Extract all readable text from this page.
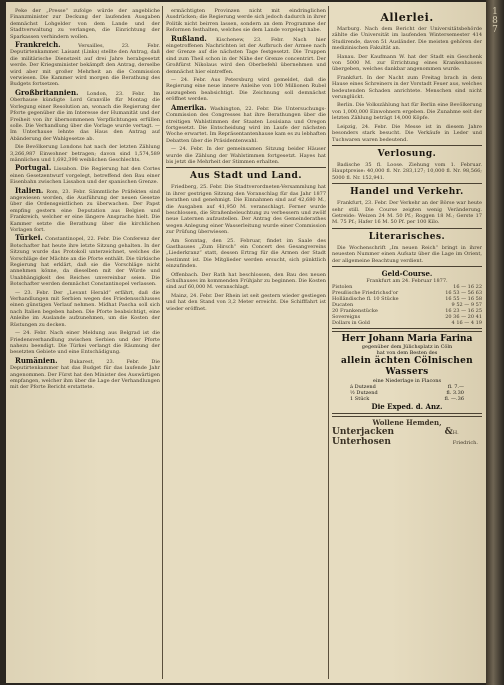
Peke der „Presse“ zufolge würde der angebliche Finanzminister zur Deckung der laufenden Ausgaben demnächst Lohgelder von dem Lande und der Stadtverwaltung zu verlangen, die Einrichtung der Sparkassen verhindern wollen.

Frankreich.	Versailles, 23. Febr. Deputirtenkammer. Laisant (Links) stellte den Antrag, daß die militärische Dienstzeit auf drei Jahre herabgesetzt werde. Der Kriegsminister bekämpft den Antrag, derselbe wird aber mit großer Mehrheit an die Commission verwiesen. Die Kammer wird morgen die Berathung des Budgets fortsetzen.

Großbritannien. London, 23. Febr. Im Oberhause kündigte Lord Granville für Montag die Vorlegung einer Resolution an, wonach die Regierung der Pforte gegenüber die im Interesse der Humanität und der Freiheit von ihr übernommenen Verpflichtungen erfüllen solle. Die Verhandlung über die Vorlage wurde vertagt. — Im Unterhause lehnte das Haus den Antrag auf Abänderung der Wahlgesetze ab.

Die Bevölkerung Londons hat nach der letzten Zählung 3,266,987 Einwohner betragen; davon sind 1,574,589 männlichen und 1,692,398 weiblichen Geschlechts.

Portugal. Lissabon. Die Regierung hat den Cortes einen Gesetzentwurf vorgelegt, betreffend den Bau einer Eisenbahn zwischen Lissabon und der spanischen Grenze.

Italien. Rom, 23. Febr. Sämmtliche Präfekten sind angewiesen worden, die Ausführung der neuen Gesetze über die Ordensgeistlichen zu überwachen. Der Papst empfing gestern eine Deputation aus Belgien und Frankreich, welcher er eine längere Ansprache hielt. Die Kammer setzte die Berathung über die kirchlichen Vorlagen fort.

Türkei. Constantinopel, 22. Febr. Die Conferenz der Botschafter hat heute ihre letzte Sitzung gehalten. In der Sitzung wurde das Protokoll unterzeichnet, welches die Vorschläge der Mächte an die Pforte enthält. Die türkische Regierung hat erklärt, daß sie die Vorschläge nicht annehmen könne, da dieselben mit der Würde und Unabhängigkeit des Reiches unvereinbar seien. Die Botschafter werden demnächst Constantinopel verlassen.

— 23. Febr. Der „Levant Herald“ erfährt, daß die Verhandlungen mit Serbien wegen des Friedensschlusses einen günstigen Verlauf nehmen. Midhat Pascha soll sich nach Italien begeben haben. Die Pforte beabsichtigt, eine Anleihe im Auslande aufzunehmen, um die Kosten der Rüstungen zu decken.

— 24. Febr. Nach einer Meldung aus Belgrad ist die Friedensverhandlung zwischen Serbien und der Pforte nahezu beendigt. Die Türkei verlangt die Räumung der besetzten Gebiete und eine Entschädigung.

Rumänien. Bukarest, 23. Febr. Die Deputirtenkammer hat das Budget für das laufende Jahr angenommen. Der Fürst hat den Minister des Auswärtigen empfangen, welcher ihm über die Lage der Verhandlungen mit der Pforte Bericht erstattete.

ermächtigten Provinzen nicht mit eindringlichen Ausdrücken; die Regierung werde sich jedoch dadurch in ihrer Politik nicht beirren lassen, sondern an dem Programme der Reformen festhalten, welches sie dem Lande vorgelegt habe.

Rußland. Kischenew, 23. Febr. Nach hier eingetroffenen Nachrichten ist der Aufbruch der Armee nach der Grenze auf die nächsten Tage festgesetzt. Die Truppen sind zum Theil schon in der Nähe der Grenze concentrirt. Der Großfürst Nikolaus wird den Oberbefehl übernehmen und demnächst hier eintreffen.

— 24. Febr. Aus Petersburg wird gemeldet, daß die Regierung eine neue innere Anleihe von 100 Millionen Rubel auszugeben beabsichtigt. Die Zeichnung soll demnächst eröffnet werden.

Amerika. Washington, 22. Febr. Die Untersuchungs-Commission des Congresses hat ihre Berathungen über die streitigen Wahlstimmen der Staaten Louisiana und Oregon fortgesetzt. Die Entscheidung wird im Laufe der nächsten Woche erwartet. Im Repräsentantenhause kam es zu lebhaften Debatten über die Präsidentenwahl.

— 24. Febr. In der gemeinsamen Sitzung beider Häuser wurde die Zählung der Wahlstimmen fortgesetzt. Hayes hat bis jetzt die Mehrheit der Stimmen erhalten.

Aus Stadt und Land.

Friedberg, 25. Febr. Die Stadtverordneten-Versammlung hat in ihrer gestrigen Sitzung den Voranschlag für das Jahr 1877 berathen und genehmigt. Die Einnahmen sind auf 42,680 M., die Ausgaben auf 41,950 M. veranschlagt. Ferner wurde beschlossen, die Straßenbeleuchtung zu verbessern und zwölf neue Laternen aufzustellen. Der Antrag des Gemeinderathes wegen Anlegung einer Wasserleitung wurde einer Commission zur Prüfung überwiesen.

Am Sonntag, den 25. Februar, findet im Saale des Gasthauses „Zum Hirsch“ ein Concert des Gesangvereins „Liederkranz“ statt, dessen Ertrag für die Armen der Stadt bestimmt ist. Die Mitglieder werden ersucht, sich pünktlich einzufinden.

Offenbach. Der Rath hat beschlossen, den Bau des neuen Schulhauses im kommenden Frühjahr zu beginnen. Die Kosten sind auf 60,000 M. veranschlagt.

Mainz, 24. Febr. Der Rhein ist seit gestern wieder gestiegen und hat den Stand von 3,2 Meter erreicht. Die Schifffahrt ist wieder eröffnet.

Allerlei.

Marburg. Nach dem Bericht der Universitätsbehörde zählte die Universität im laufenden Wintersemester 414 Studirende, davon 51 Ausländer. Die meisten gehören der medizinischen Fakultät an.

Hanau. Der Kaufmann W. hat der Stadt ein Geschenk von 5000 M. zur Errichtung eines Krankenhauses übergeben, welches dankbar angenommen wurde.

Frankfurt. In der Nacht zum Freitag brach in dem Hause eines Schreiners in der Vorstadt Feuer aus, welches bedeutenden Schaden anrichtete. Menschen sind nicht verunglückt.

Berlin. Die Volkszählung hat für Berlin eine Bevölkerung von 1,000,000 Einwohnern ergeben. Die Zunahme seit der letzten Zählung beträgt 14,000 Köpfe.

Leipzig, 24. Febr. Die Messe ist in diesem Jahre besonders stark besucht. Die Verkäufe in Leder und Tuchwaren waren bedeutend.

Verlosung.

Badische 35 fl. Loose. Ziehung vom 1. Februar. Hauptpreise: 40,000 fl. Nr. 283,127; 10,000 fl. Nr. 98,566; 5000 fl. Nr. 152,941.

Handel und Verkehr.

Frankfurt, 23. Febr. Der Verkehr an der Börse war heute sehr still. Die Course zeigten wenig Veränderung. Getreide: Weizen 24 M. 50 Pf.; Roggen 18 M.; Gerste 17 M. 75 Pf.; Hafer 16 M. 50 Pf. per 100 Kilo.

Literarisches.

Die Wochenschrift „Im neuen Reich“ bringt in ihrer neuesten Nummer einen Aufsatz über die Lage im Orient, der allgemeine Beachtung verdient.

Geld-Course.
Frankfurt am 24. Februar 1877.
Pistolen	16 — 16 22
Preußische Friedrichsd'or	16 53 — 56 63
Holländische fl. 10 Stücke	16 55 — 16 58
Ducaten	9 52 — 9 57
20 Frankenstücke	16 23 — 16 25
Sovereigns	20 36 — 20 41
Dollars in Gold	4 16 — 4 19
Herr Johann Maria Farina
gegenüber dem Jülichsplatz in Cöln
hat von dem Besten des
allein ächten Cölnischen Wassers
eine Niederlage in Flacons
á Dutzend	fl. 7.—
½ Dutzend	fl. 3.30
1 Stück	fl. —.36
Die Exped. d. Anz.
Wollene Hemden,
Unterjacken & Unterhosen
H. Friedrich.
1
8
7
